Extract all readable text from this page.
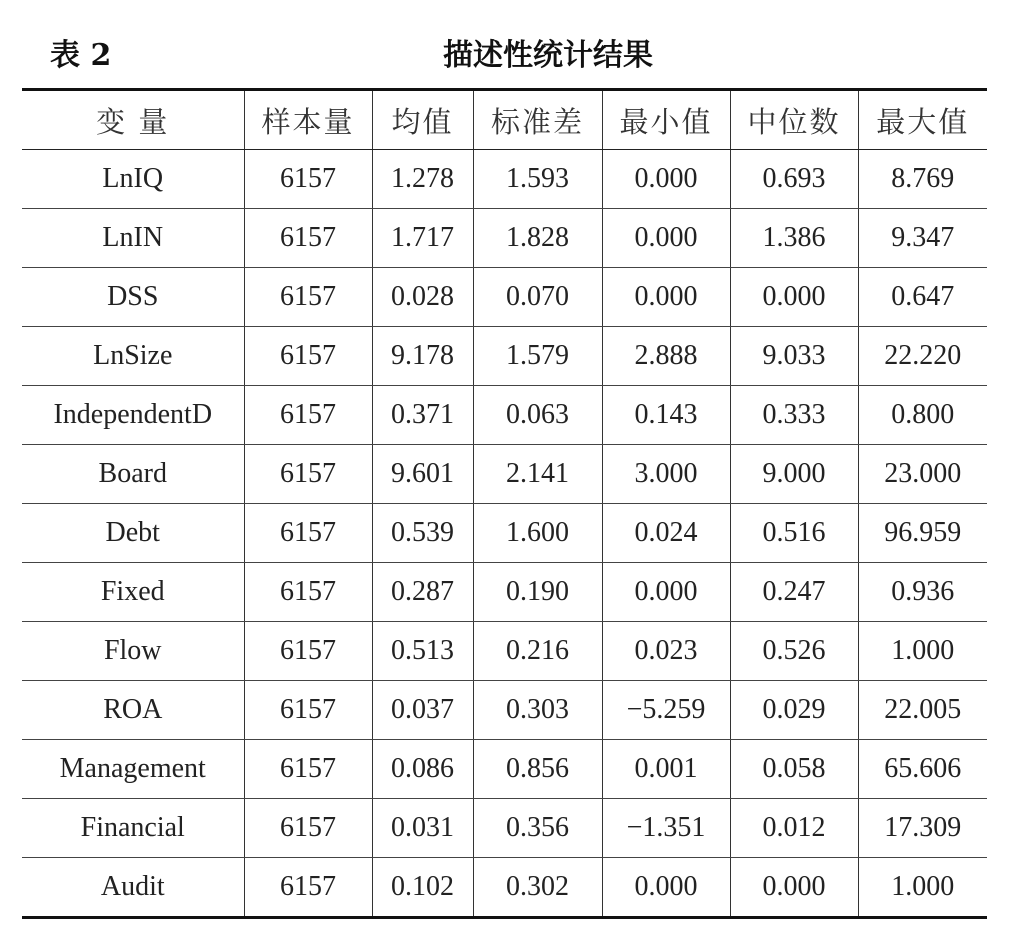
表 2	描述性统计结果
变 量	样本量	均值	标准差	最小值	中位数	最大值
LnIQ	6157	1.278	1.593	0.000	0.693	8.769
LnIN	6157	1.717	1.828	0.000	1.386	9.347
DSS	6157	0.028	0.070	0.000	0.000	0.647
LnSize	6157	9.178	1.579	2.888	9.033	22.220
IndependentD	6157	0.371	0.063	0.143	0.333	0.800
Board	6157	9.601	2.141	3.000	9.000	23.000
Debt	6157	0.539	1.600	0.024	0.516	96.959
Fixed	6157	0.287	0.190	0.000	0.247	0.936
Flow	6157	0.513	0.216	0.023	0.526	1.000
ROA	6157	0.037	0.303	−5.259	0.029	22.005
Management	6157	0.086	0.856	0.001	0.058	65.606
Financial	6157	0.031	0.356	−1.351	0.012	17.309
Audit	6157	0.102	0.302	0.000	0.000	1.000
